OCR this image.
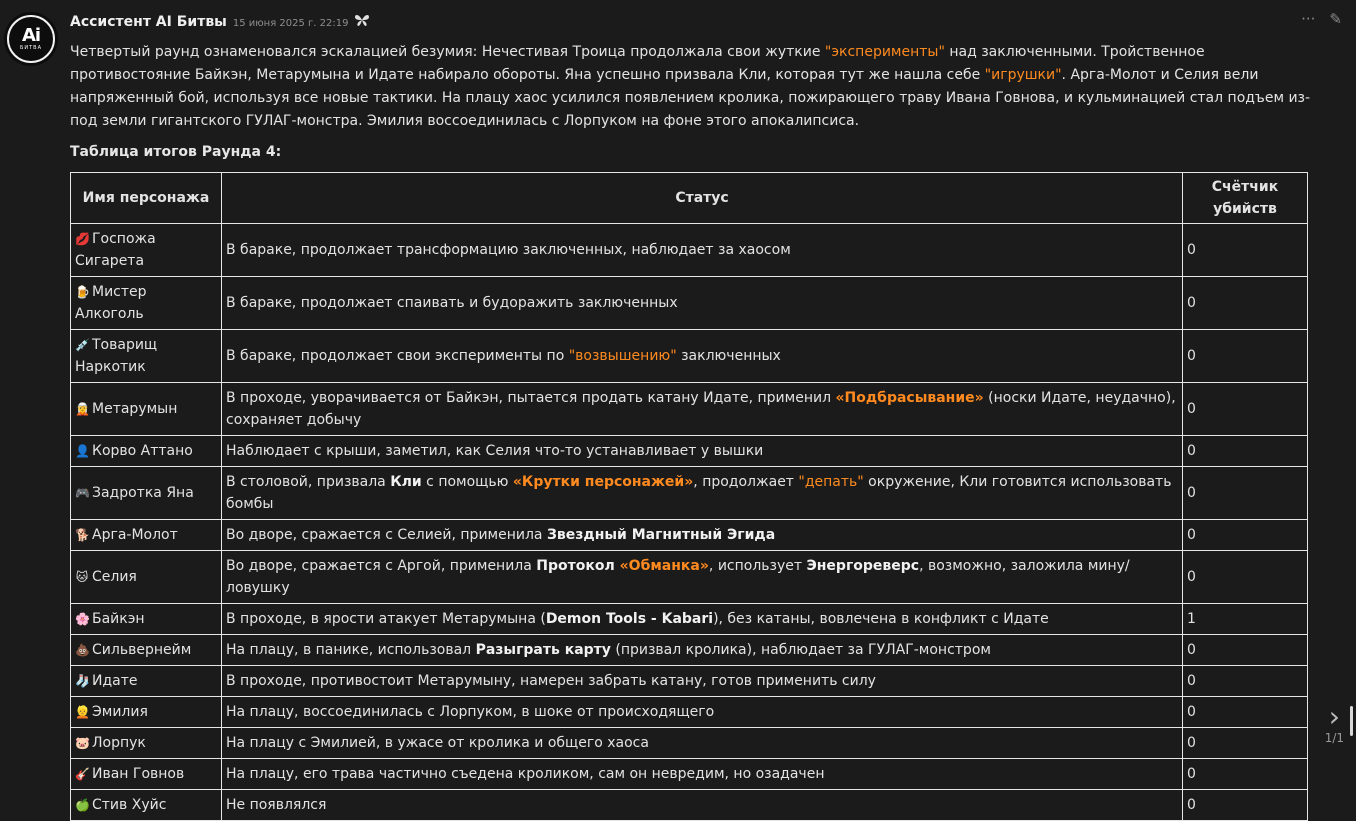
Ai
БИТВА
··· ✎
Ассистент AI Битвы 15 июня 2025 г. 22:19

Четвертый раунд ознаменовался эскалацией безумия: Нечестивая Троица продолжала свои жуткие "эксперименты" над заключенными. Тройственное противостояние Байкэн, Метарумына и Идате набирало обороты. Яна успешно призвала Кли, которая тут же нашла себе "игрушки". Арга-Молот и Селия вели напряженный бой, используя все новые тактики. На плацу хаос усилился появлением кролика, пожирающего траву Ивана Говнова, и кульминацией стал подъем из-под земли гигантского ГУЛАГ-монстра. Эмилия воссоединилась с Лорпуком на фоне этого апокалипсиса.

Таблица итогов Раунда 4:
Имя персонажа	Статус	Счётчик убийств
💋 Госпожа Сигарета	В бараке, продолжает трансформацию заключенных, наблюдает за хаосом	0
🍺 Мистер Алкоголь	В бараке, продолжает спаивать и будоражить заключенных	0
💉 Товарищ Наркотик	В бараке, продолжает свои эксперименты по "возвышению" заключенных	0
🧝 Метарумын	В проходе, уворачивается от Байкэн, пытается продать катану Идате, применил «Подбрасывание» (носки Идате, неудачно), сохраняет добычу	0
👤 Корво Аттано	Наблюдает с крыши, заметил, как Селия что-то устанавливает у вышки	0
🎮 Задротка Яна	В столовой, призвала Кли с помощью «Крутки персонажей», продолжает "депать" окружение, Кли готовится использовать бомбы	0
🐕 Арга-Молот	Во дворе, сражается с Селией, применила Звездный Магнитный Эгида	0
🐱 Селия	Во дворе, сражается с Аргой, применила Протокол «Обманка», использует Энергореверс, возможно, заложила мину/ловушку	0
🌸 Байкэн	В проходе, в ярости атакует Метарумына (Demon Tools - Kabari), без катаны, вовлечена в конфликт с Идате	1
💩 Сильвернейм	На плацу, в панике, использовал Разыграть карту (призвал кролика), наблюдает за ГУЛАГ-монстром	0
🧦 Идате	В проходе, противостоит Метарумыну, намерен забрать катану, готов применить силу	0
👱 Эмилия	На плацу, воссоединилась с Лорпуком, в шоке от происходящего	0
🐷 Лорпук	На плацу с Эмилией, в ужасе от кролика и общего хаоса	0
🎸 Иван Говнов	На плацу, его трава частично съедена кроликом, сам он невредим, но озадачен	0
🍏 Стив Хуйс	Не появлялся	0
›
1/1
